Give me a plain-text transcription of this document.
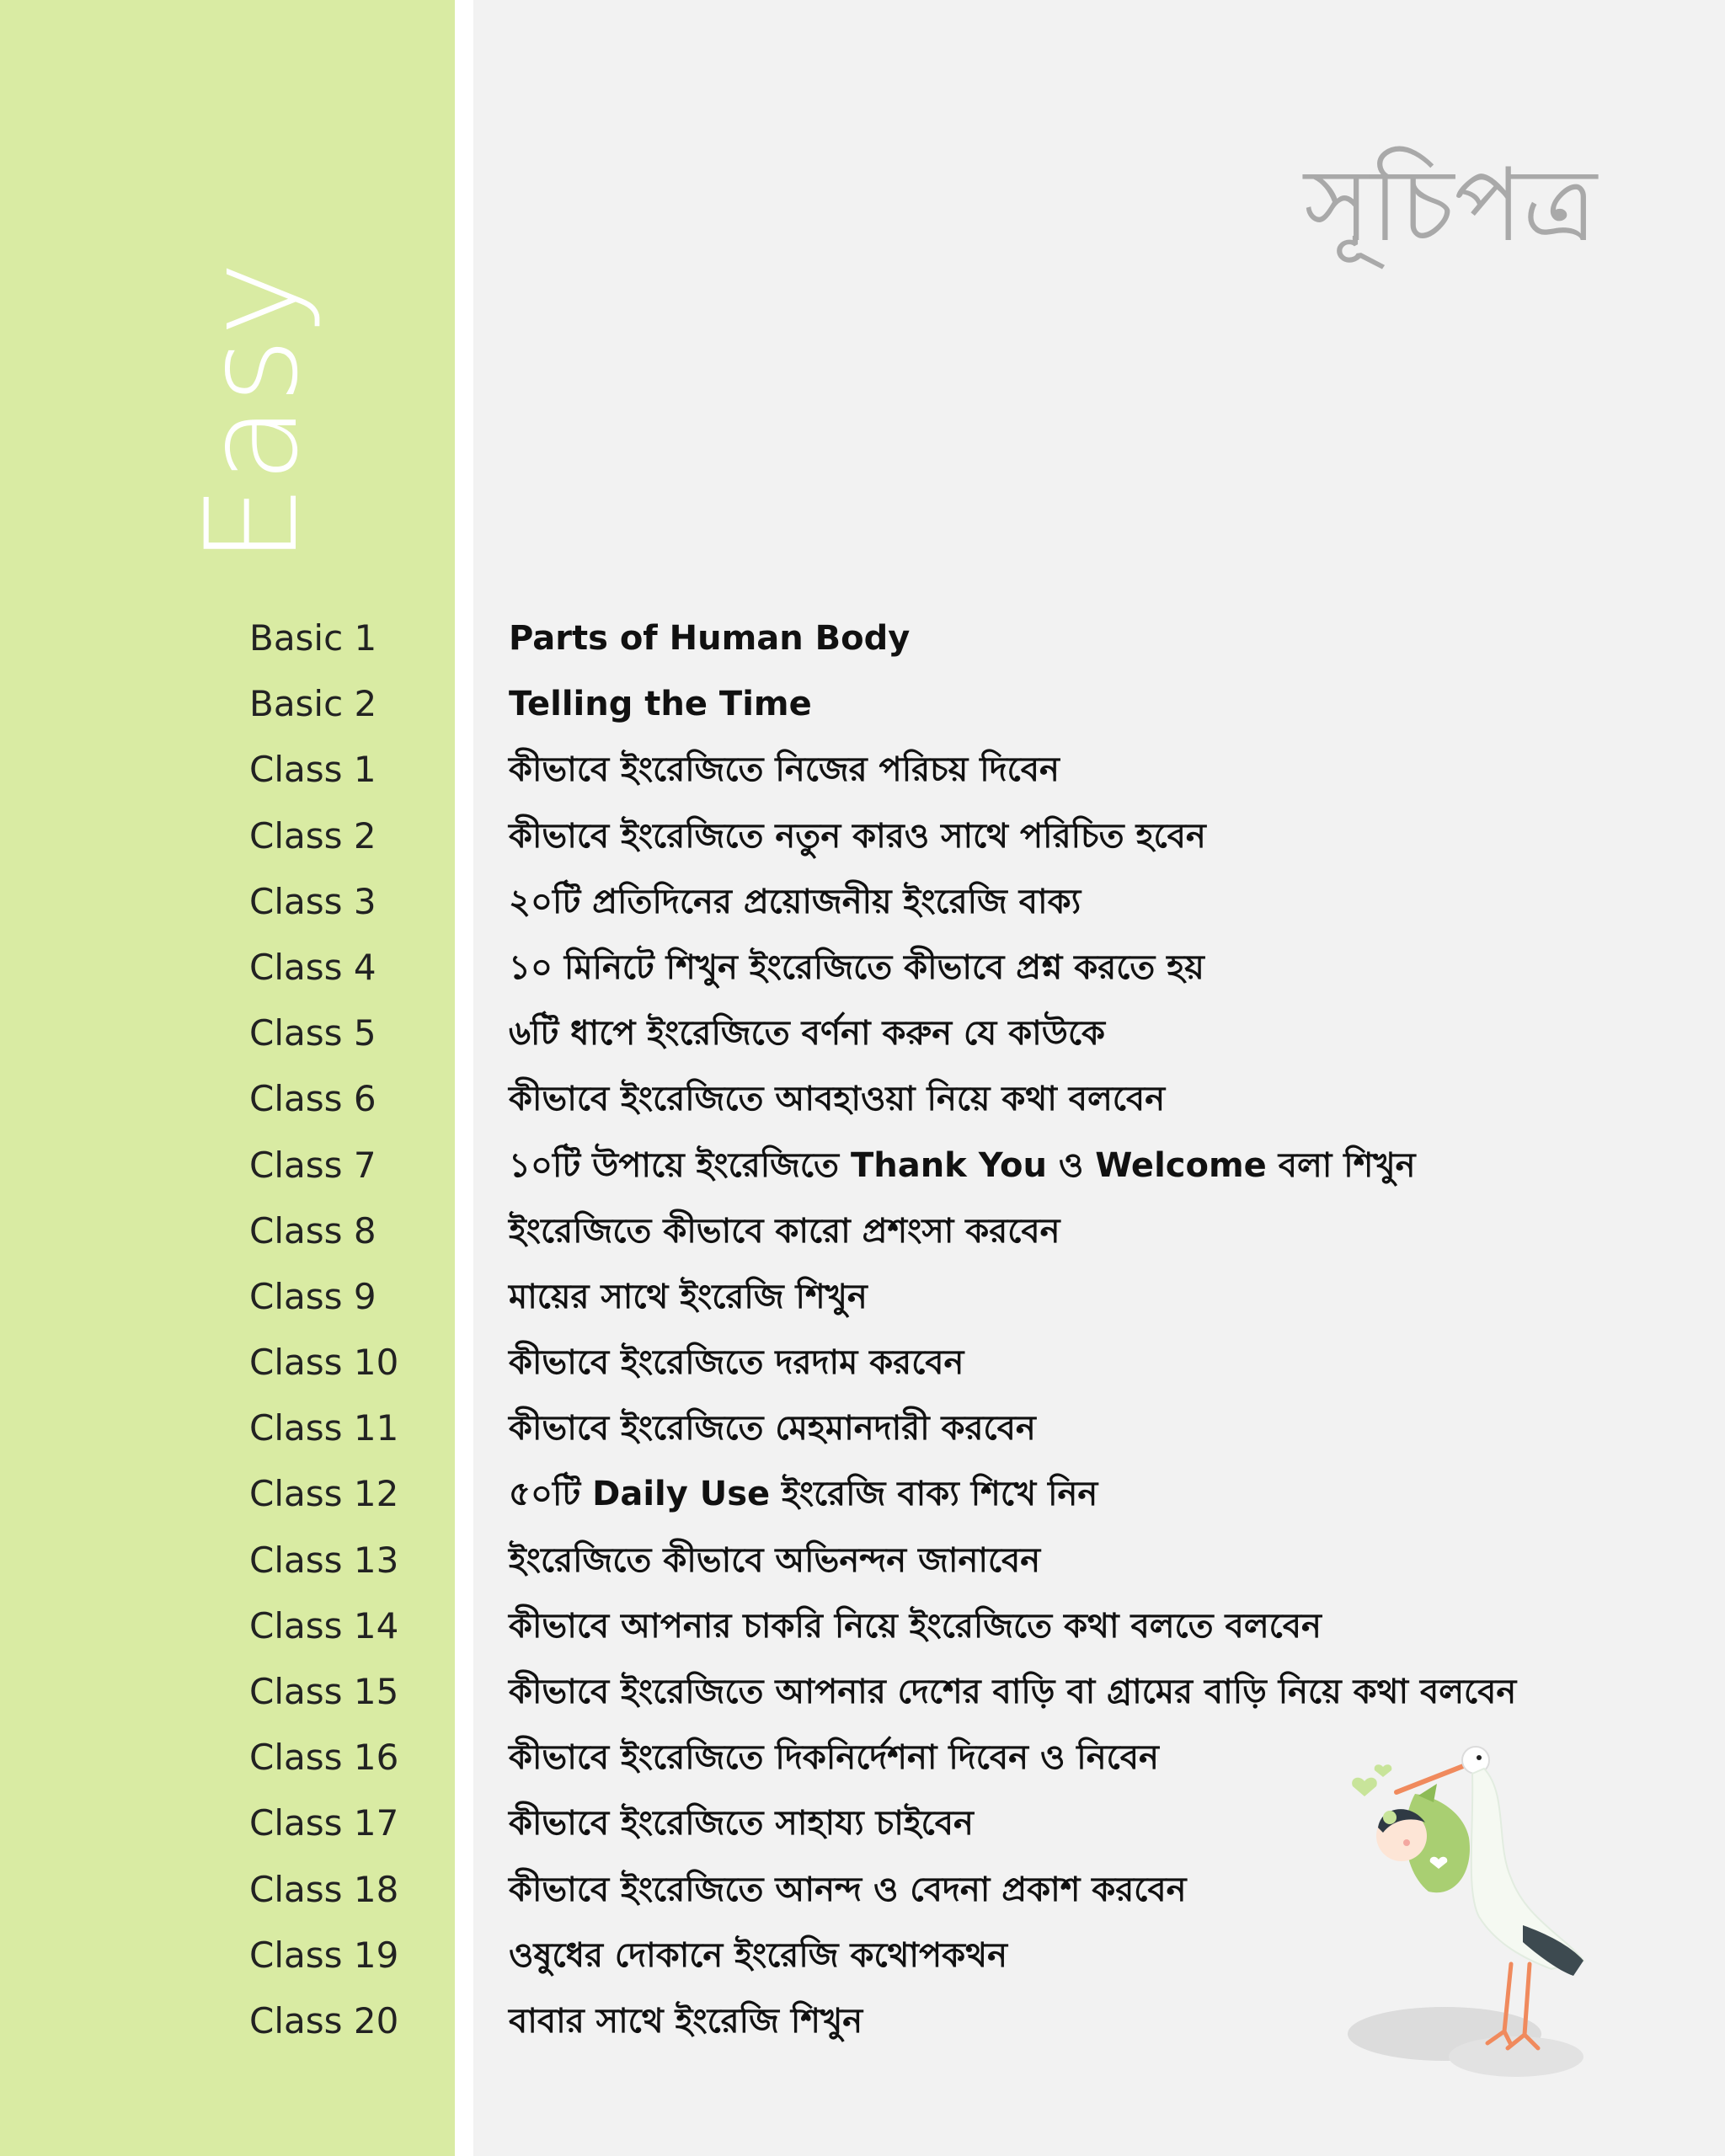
Easy
সূচিপত্র
Basic 1	Parts of Human Body
Basic 2	Telling the Time
Class 1	কীভাবে ইংরেজিতে নিজের পরিচয় দিবেন
Class 2	কীভাবে ইংরেজিতে নতুন কারও সাথে পরিচিত হবেন
Class 3	২০টি প্রতিদিনের প্রয়োজনীয় ইংরেজি বাক্য
Class 4	১০ মিনিটে শিখুন ইংরেজিতে কীভাবে প্রশ্ন করতে হয়
Class 5	৬টি ধাপে ইংরেজিতে বর্ণনা করুন যে কাউকে
Class 6	কীভাবে ইংরেজিতে আবহাওয়া নিয়ে কথা বলবেন
Class 7	১০টি উপায়ে ইংরেজিতে Thank You ও Welcome বলা শিখুন
Class 8	ইংরেজিতে কীভাবে কারো প্রশংসা করবেন
Class 9	মায়ের সাথে ইংরেজি শিখুন
Class 10	কীভাবে ইংরেজিতে দরদাম করবেন
Class 11	কীভাবে ইংরেজিতে মেহমানদারী করবেন
Class 12	৫০টি Daily Use ইংরেজি বাক্য শিখে নিন
Class 13	ইংরেজিতে কীভাবে অভিনন্দন জানাবেন
Class 14	কীভাবে আপনার চাকরি নিয়ে ইংরেজিতে কথা বলতে বলবেন
Class 15	কীভাবে ইংরেজিতে আপনার দেশের বাড়ি বা গ্রামের বাড়ি নিয়ে কথা বলবেন
Class 16	কীভাবে ইংরেজিতে দিকনির্দেশনা দিবেন ও নিবেন
Class 17	কীভাবে ইংরেজিতে সাহায্য চাইবেন
Class 18	কীভাবে ইংরেজিতে আনন্দ ও বেদনা প্রকাশ করবেন
Class 19	ওষুধের দোকানে ইংরেজি কথোপকথন
Class 20	বাবার সাথে ইংরেজি শিখুন
